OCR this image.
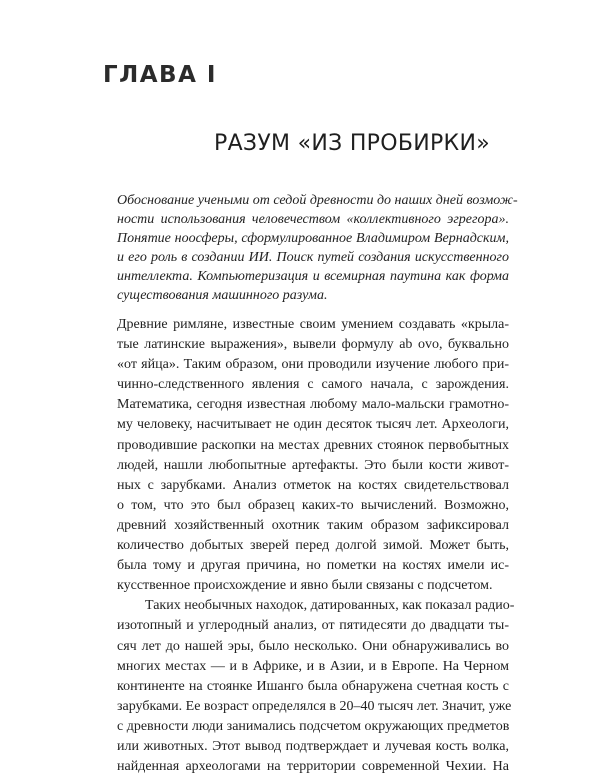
ГЛАВА I
РАЗУМ «ИЗ ПРОБИРКИ»
Обоснование учеными от седой древности до наших дней возмож-
ности использования человечеством «коллективного эгрегора».
Понятие ноосферы, сформулированное Владимиром Вернадским,
и его роль в создании ИИ. Поиск путей создания искусственного
интеллекта. Компьютеризация и всемирная паутина как форма
существования машинного разума.
Древние римляне, известные своим умением создавать «крыла-
тые латинские выражения», вывели формулу ab ovo, буквально
«от яйца». Таким образом, они проводили изучение любого при-
чинно-следственного явления с самого начала, с зарождения.
Математика, сегодня известная любому мало-мальски грамотно-
му человеку, насчитывает не один десяток тысяч лет. Археологи,
проводившие раскопки на местах древних стоянок первобытных
людей, нашли любопытные артефакты. Это были кости живот-
ных с зарубками. Анализ отметок на костях свидетельствовал
о том, что это был образец каких-то вычислений. Возможно,
древний хозяйственный охотник таким образом зафиксировал
количество добытых зверей перед долгой зимой. Может быть,
была тому и другая причина, но пометки на костях имели ис-
кусственное происхождение и явно были связаны с подсчетом.
Таких необычных находок, датированных, как показал радио-
изотопный и углеродный анализ, от пятидесяти до двадцати ты-
сяч лет до нашей эры, было несколько. Они обнаруживались во
многих местах — и в Африке, и в Азии, и в Европе. На Черном
континенте на стоянке Ишанго была обнаружена счетная кость с
зарубками. Ее возраст определялся в 20–40 тысяч лет. Значит, уже
с древности люди занимались подсчетом окружающих предметов
или животных. Этот вывод подтверждает и лучевая кость волка,
найденная археологами на территории современной Чехии. На
